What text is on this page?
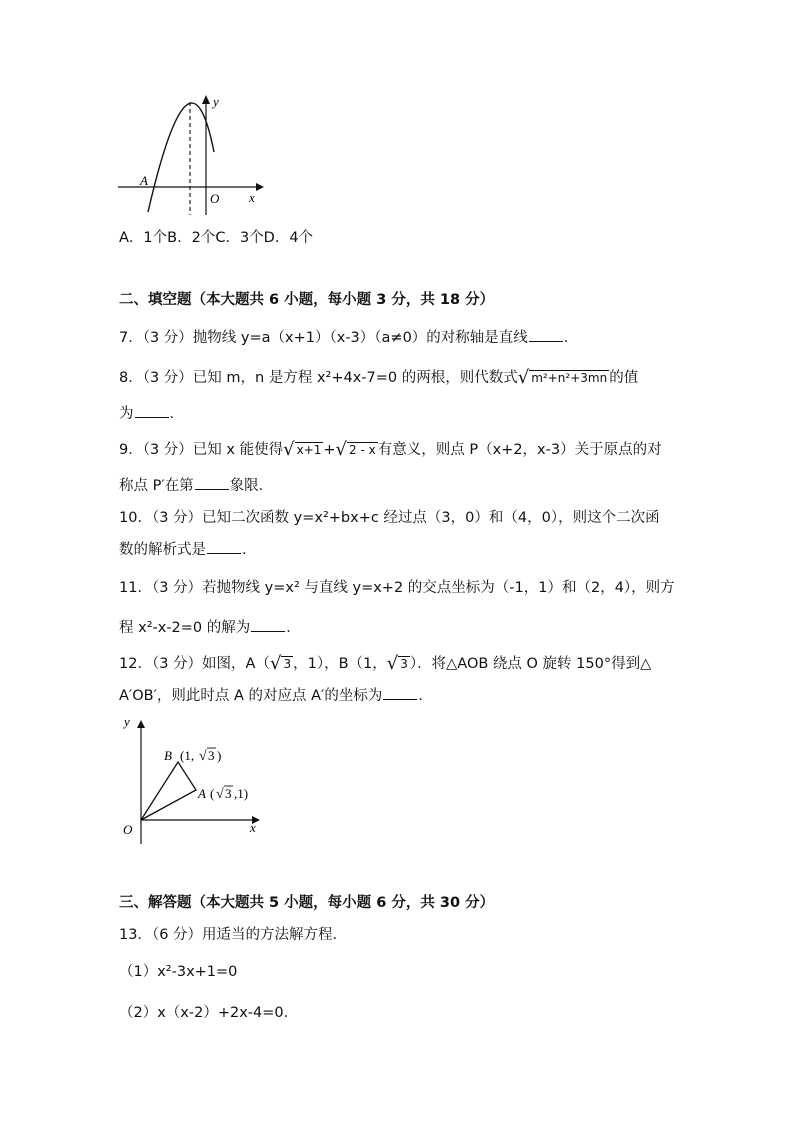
A
O x
y
A．1个B．2个C．3个D．4个
二、填空题（本大题共 6 小题，每小题 3 分，共 18 分）
7．（3 分）抛物线 y=a（x+1）（x-3）（a≠0）的对称轴是直线 ．
8．（3 分）已知 m，n 是方程 x²+4x-7=0 的两根，则代数式√ m²+n²+3mn 的值
为 ．
9．（3 分）已知 x 能使得√ x+1 +√ 2 - x 有意义，则点 P（x+2，x-3）关于原点的对
称点 P′在第 象限．
10．（3 分）已知二次函数 y=x²+bx+c 经过点（3，0）和（4，0），则这个二次函
数的解析式是 ．
11．（3 分）若抛物线 y=x² 与直线 y=x+2 的交点坐标为（-1，1）和（2，4），则方
程 x²-x-2=0 的解为 ．
12．（3 分）如图，A（√ 3 ，1），B（1，√ 3 ）．将△AOB 绕点 O 旋转 150°得到△
A′OB′，则此时点 A 的对应点 A′的坐标为 ．
y
x
O
B (1, √ 3 )
A ( √ 3 ,1)
三、解答题（本大题共 5 小题，每小题 6 分，共 30 分）
13．（6 分）用适当的方法解方程．
（1）x²-3x+1=0
（2）x（x-2）+2x-4=0．
